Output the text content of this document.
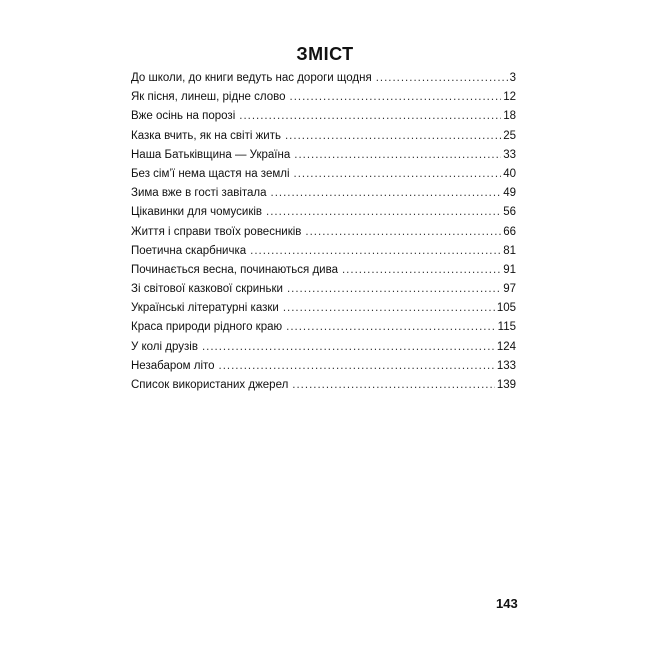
ЗМІСТ
До школи, до книги ведуть нас дороги щодня .....	3
Як пісня, линеш, рідне слово .....	12
Вже осінь на порозі .....	18
Казка вчить, як на світі жить .....	25
Наша Батьківщина — Україна .....	33
Без сім’ї нема щастя на землі .....	40
Зима вже в гості завітала .....	49
Цікавинки для чомусиків .....	56
Життя і справи твоїх ровесників .....	66
Поетична скарбничка .....	81
Починається весна, починаються дива .....	91
Зі світової казкової скриньки .....	97
Українські літературні казки .....	105
Краса природи рідного краю .....	115
У колі друзів .....	124
Незабаром літо .....	133
Список використаних джерел .....	139
143
